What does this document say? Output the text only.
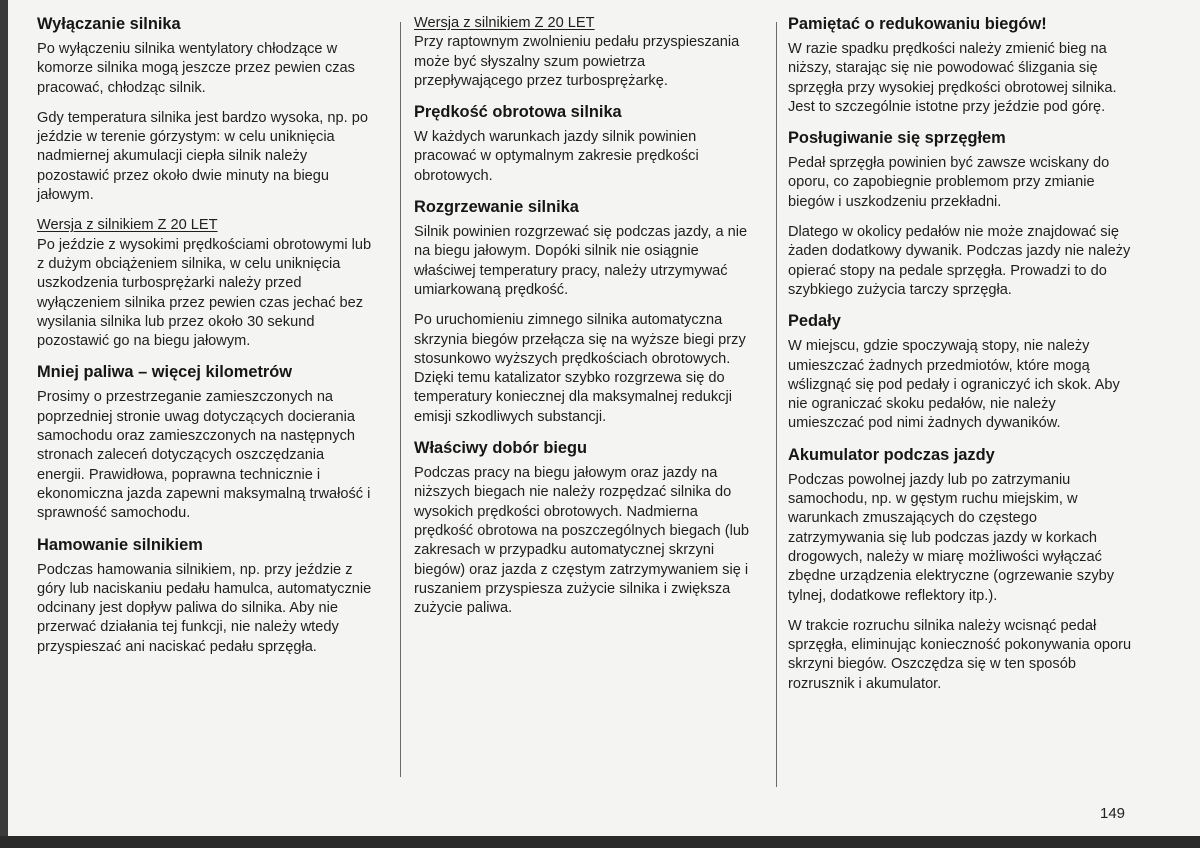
Wyłączanie silnika

Po wyłączeniu silnika wentylatory chłodzące w komorze silnika mogą jeszcze przez pewien czas pracować, chłodząc silnik.

Gdy temperatura silnika jest bardzo wysoka, np. po jeździe w terenie górzystym: w celu uniknięcia nadmiernej akumulacji ciepła silnik należy pozostawić przez około dwie minuty na biegu jałowym.

Wersja z silnikiem Z 20 LET

Po jeździe z wysokimi prędkościami obrotowymi lub z dużym obciążeniem silnika, w celu uniknięcia uszkodzenia turbosprężarki należy przed wyłączeniem silnika przez pewien czas jechać bez wysilania silnika lub przez około 30 sekund pozostawić go na biegu jałowym.

Mniej paliwa – więcej kilometrów

Prosimy o przestrzeganie zamieszczonych na poprzedniej stronie uwag dotyczących docierania samochodu oraz zamieszczonych na następnych stronach zaleceń dotyczących oszczędzania energii. Prawidłowa, poprawna technicznie i ekonomiczna jazda zapewni maksymalną trwałość i sprawność samochodu.

Hamowanie silnikiem

Podczas hamowania silnikiem, np. przy jeździe z góry lub naciskaniu pedału hamulca, automatycznie odcinany jest dopływ paliwa do silnika. Aby nie przerwać działania tej funkcji, nie należy wtedy przyspieszać ani naciskać pedału sprzęgła.

Wersja z silnikiem Z 20 LET

Przy raptownym zwolnieniu pedału przyspieszania może być słyszalny szum powietrza przepływającego przez turbosprężarkę.

Prędkość obrotowa silnika

W każdych warunkach jazdy silnik powinien pracować w optymalnym zakresie prędkości obrotowych.

Rozgrzewanie silnika

Silnik powinien rozgrzewać się podczas jazdy, a nie na biegu jałowym. Dopóki silnik nie osiągnie właściwej temperatury pracy, należy utrzymywać umiarkowaną prędkość.

Po uruchomieniu zimnego silnika automatyczna skrzynia biegów przełącza się na wyższe biegi przy stosunkowo wyższych prędkościach obrotowych. Dzięki temu katalizator szybko rozgrzewa się do temperatury koniecznej dla maksymalnej redukcji emisji szkodliwych substancji.

Właściwy dobór biegu

Podczas pracy na biegu jałowym oraz jazdy na niższych biegach nie należy rozpędzać silnika do wysokich prędkości obrotowych. Nadmierna prędkość obrotowa na poszczególnych biegach (lub zakresach w przypadku automatycznej skrzyni biegów) oraz jazda z częstym zatrzymywaniem się i ruszaniem przyspiesza zużycie silnika i zwiększa zużycie paliwa.

Pamiętać o redukowaniu biegów!

W razie spadku prędkości należy zmienić bieg na niższy, starając się nie powodować ślizgania się sprzęgła przy wysokiej prędkości obrotowej silnika. Jest to szczególnie istotne przy jeździe pod górę.

Posługiwanie się sprzęgłem

Pedał sprzęgła powinien być zawsze wciskany do oporu, co zapobiegnie problemom przy zmianie biegów i uszkodzeniu przekładni.

Dlatego w okolicy pedałów nie może znajdować się żaden dodatkowy dywanik. Podczas jazdy nie należy opierać stopy na pedale sprzęgła. Prowadzi to do szybkiego zużycia tarczy sprzęgła.

Pedały

W miejscu, gdzie spoczywają stopy, nie należy umieszczać żadnych przedmiotów, które mogą wślizgnąć się pod pedały i ograniczyć ich skok. Aby nie ograniczać skoku pedałów, nie należy umieszczać pod nimi żadnych dywaników.

Akumulator podczas jazdy

Podczas powolnej jazdy lub po zatrzymaniu samochodu, np. w gęstym ruchu miejskim, w warunkach zmuszających do częstego zatrzymywania się lub podczas jazdy w korkach drogowych, należy w miarę możliwości wyłączać zbędne urządzenia elektryczne (ogrzewanie szyby tylnej, dodatkowe reflektory itp.).

W trakcie rozruchu silnika należy wcisnąć pedał sprzęgła, eliminując konieczność pokonywania oporu skrzyni biegów. Oszczędza się w ten sposób rozrusznik i akumulator.

149
